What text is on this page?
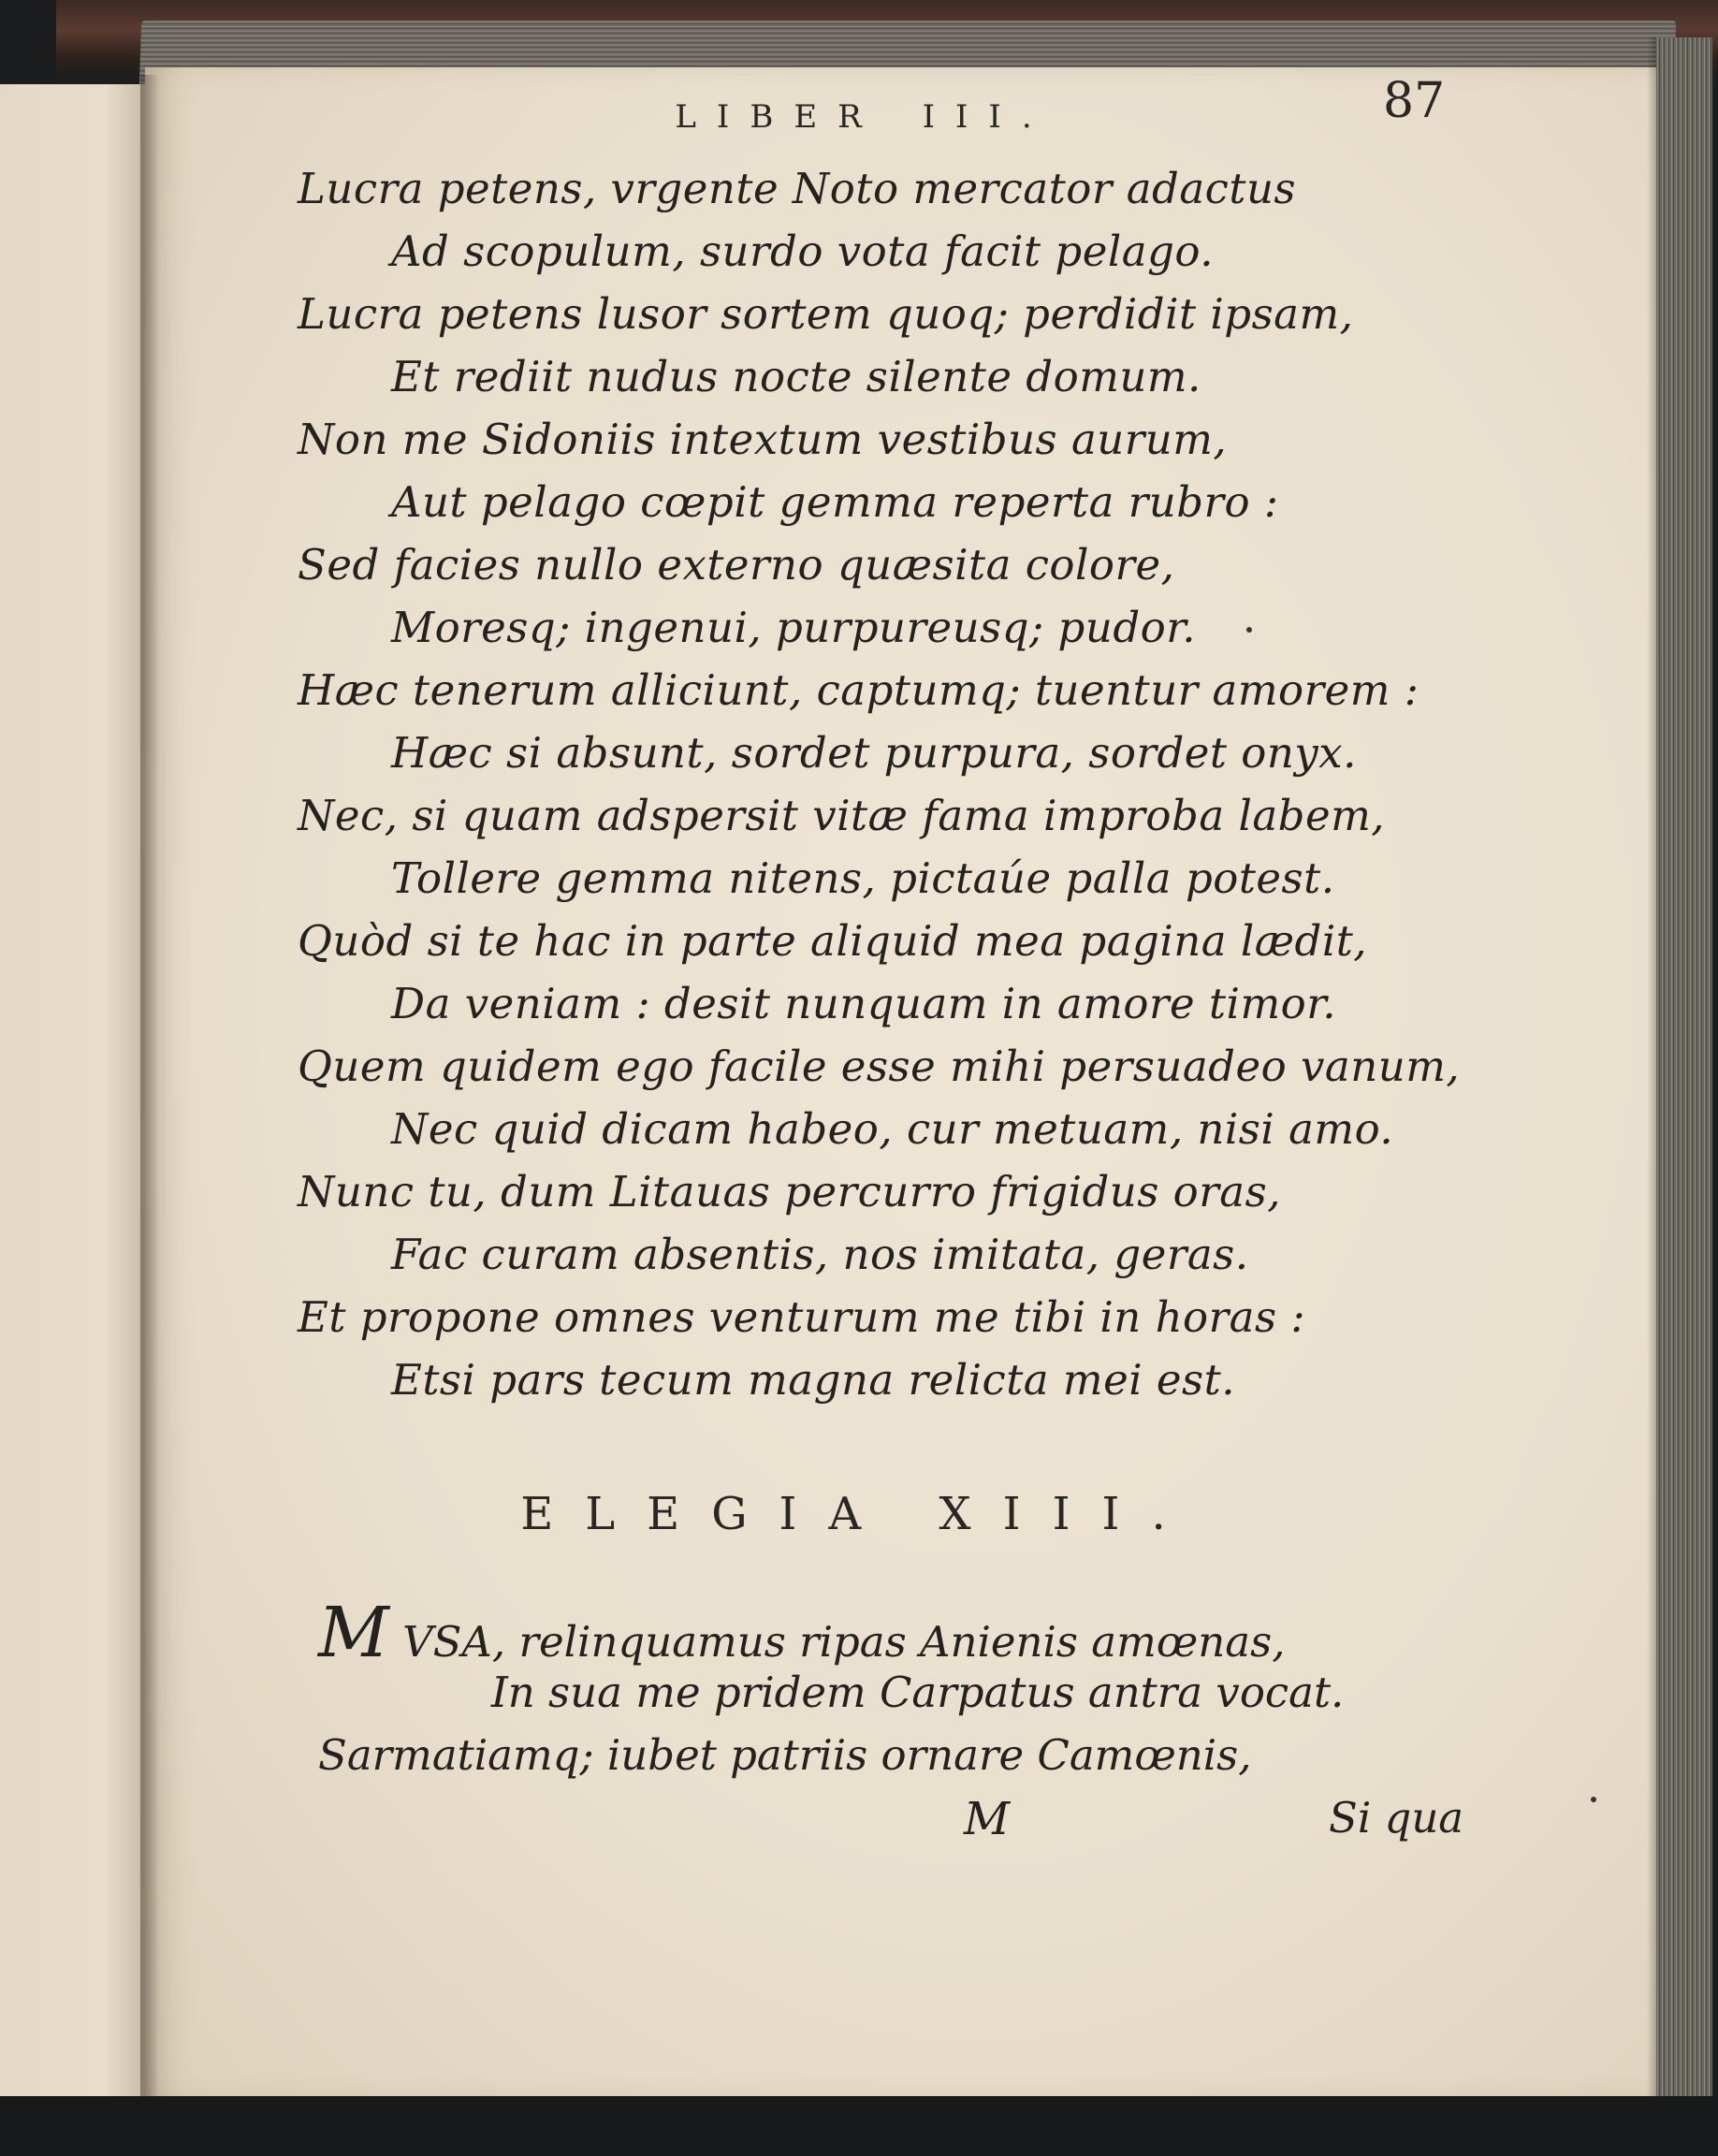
LIBER III.	87
Lucra petens, vrgente Noto mercator adactus
Ad scopulum, surdo vota facit pelago.
Lucra petens lusor sortem quoq; perdidit ipsam,
Et rediit nudus nocte silente domum.
Non me Sidoniis intextum vestibus aurum,
Aut pelago cœpit gemma reperta rubro :
Sed facies nullo externo quæsita colore,
Moresq; ingenui, purpureusq; pudor.
Hæc tenerum alliciunt, captumq; tuentur amorem :
Hæc si absunt, sordet purpura, sordet onyx.
Nec, si quam adspersit vitæ fama improba labem,
Tollere gemma nitens, pictaúe palla potest.
Quòd si te hac in parte aliquid mea pagina lædit,
Da veniam : desit nunquam in amore timor.
Quem quidem ego facile esse mihi persuadeo vanum,
Nec quid dicam habeo, cur metuam, nisi amo.
Nunc tu, dum Litauas percurro frigidus oras,
Fac curam absentis, nos imitata, geras.
Et propone omnes venturum me tibi in horas :
Etsi pars tecum magna relicta mei est.
ELEGIA XIII.
M VSA, relinquamus ripas Anienis amœnas,
In sua me pridem Carpatus antra vocat.
Sarmatiamq; iubet patriis ornare Camœnis,
M	Si qua
